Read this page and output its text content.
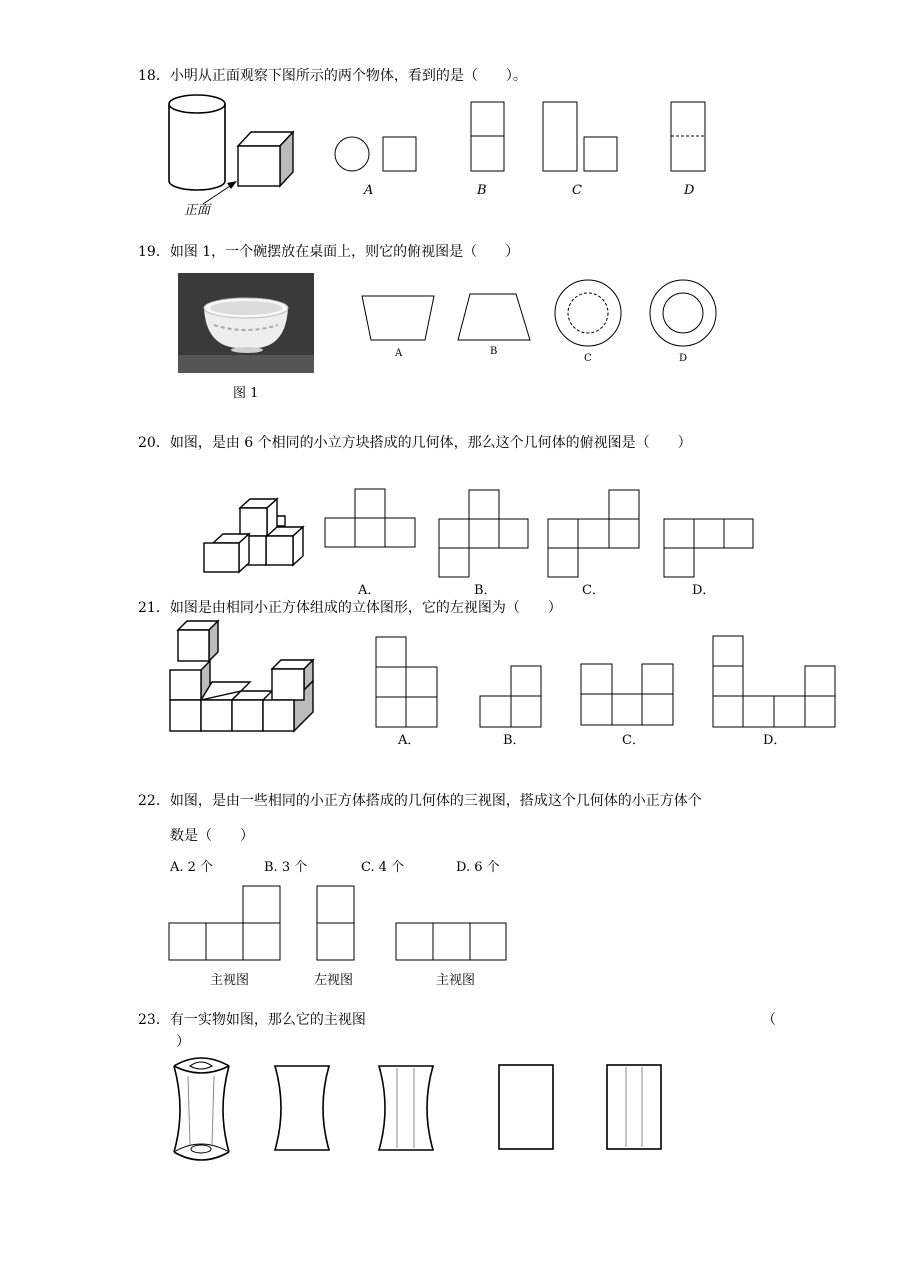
18．小明从正面观察下图所示的两个物体，看到的是（　　）。
正面
A	B	C	D
19．如图 1，一个碗摆放在桌面上，则它的俯视图是（　　）
图 1
A	B
C	D
20．如图，是由 6 个相同的小立方块搭成的几何体，那么这个几何体的俯视图是（　　）
A．	B．	C．	D．
21．如图是由相同小正方体组成的立体图形，它的左视图为（　　）
A．	B．	C．	D．
22．如图，是由一些相同的小正方体搭成的几何体的三视图，搭成这个几何体的小正方体个
数是（　　）
A. 2 个	B. 3 个	C. 4 个	D. 6 个
主视图	左视图	主视图
23．有一实物如图，那么它的主视图	（
）
